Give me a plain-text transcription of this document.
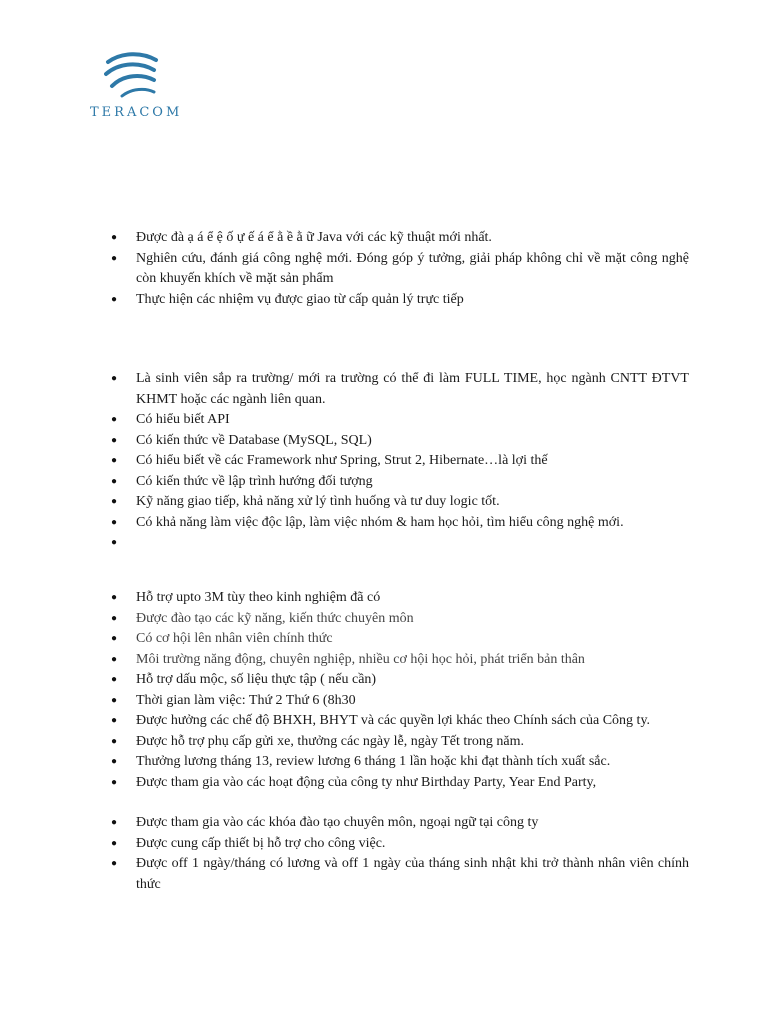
TERACOM
● Được đà ạ á ể ệ ố ự ế á ể ằ ề ằ ữ Java với các kỹ thuật mới nhất.
● Nghiên cứu, đánh giá công nghệ mới. Đóng góp ý tưởng, giải pháp không chỉ về mặt công nghệ còn khuyến khích về mặt sản phẩm
● Thực hiện các nhiệm vụ được giao từ cấp quản lý trực tiếp
● Là sinh viên sắp ra trường/ mới ra trường có thể đi làm FULL TIME, học ngành CNTT ĐTVT KHMT hoặc các ngành liên quan.
● Có hiểu biết API
● Có kiến thức về Database (MySQL, SQL)
● Có hiểu biết về các Framework như Spring, Strut 2, Hibernate…là lợi thế
● Có kiến thức về lập trình hướng đối tượng
● Kỹ năng giao tiếp, khả năng xử lý tình huống và tư duy logic tốt.
● Có khả năng làm việc độc lập, làm việc nhóm & ham học hỏi, tìm hiểu công nghệ mới.
●
● Hỗ trợ upto 3M tùy theo kinh nghiệm đã có
● Được đào tạo các kỹ năng, kiến thức chuyên môn
● Có cơ hội lên nhân viên chính thức
● Môi trường năng động, chuyên nghiệp, nhiều cơ hội học hỏi, phát triển bản thân
● Hỗ trợ dấu mộc, số liệu thực tập ( nếu cần)
● Thời gian làm việc: Thứ 2 Thứ 6 (8h30
● Được hưởng các chế độ BHXH, BHYT và các quyền lợi khác theo Chính sách của Công ty.
● Được hỗ trợ phụ cấp gửi xe, thưởng các ngày lễ, ngày Tết trong năm.
● Thưởng lương tháng 13, review lương 6 tháng 1 lần hoặc khi đạt thành tích xuất sắc.
● Được tham gia vào các hoạt động của công ty như Birthday Party, Year End Party,
● Được tham gia vào các khóa đào tạo chuyên môn, ngoại ngữ tại công ty
● Được cung cấp thiết bị hỗ trợ cho công việc.
● Được off 1 ngày/tháng có lương và off 1 ngày của tháng sinh nhật khi trở thành nhân viên chính thức
